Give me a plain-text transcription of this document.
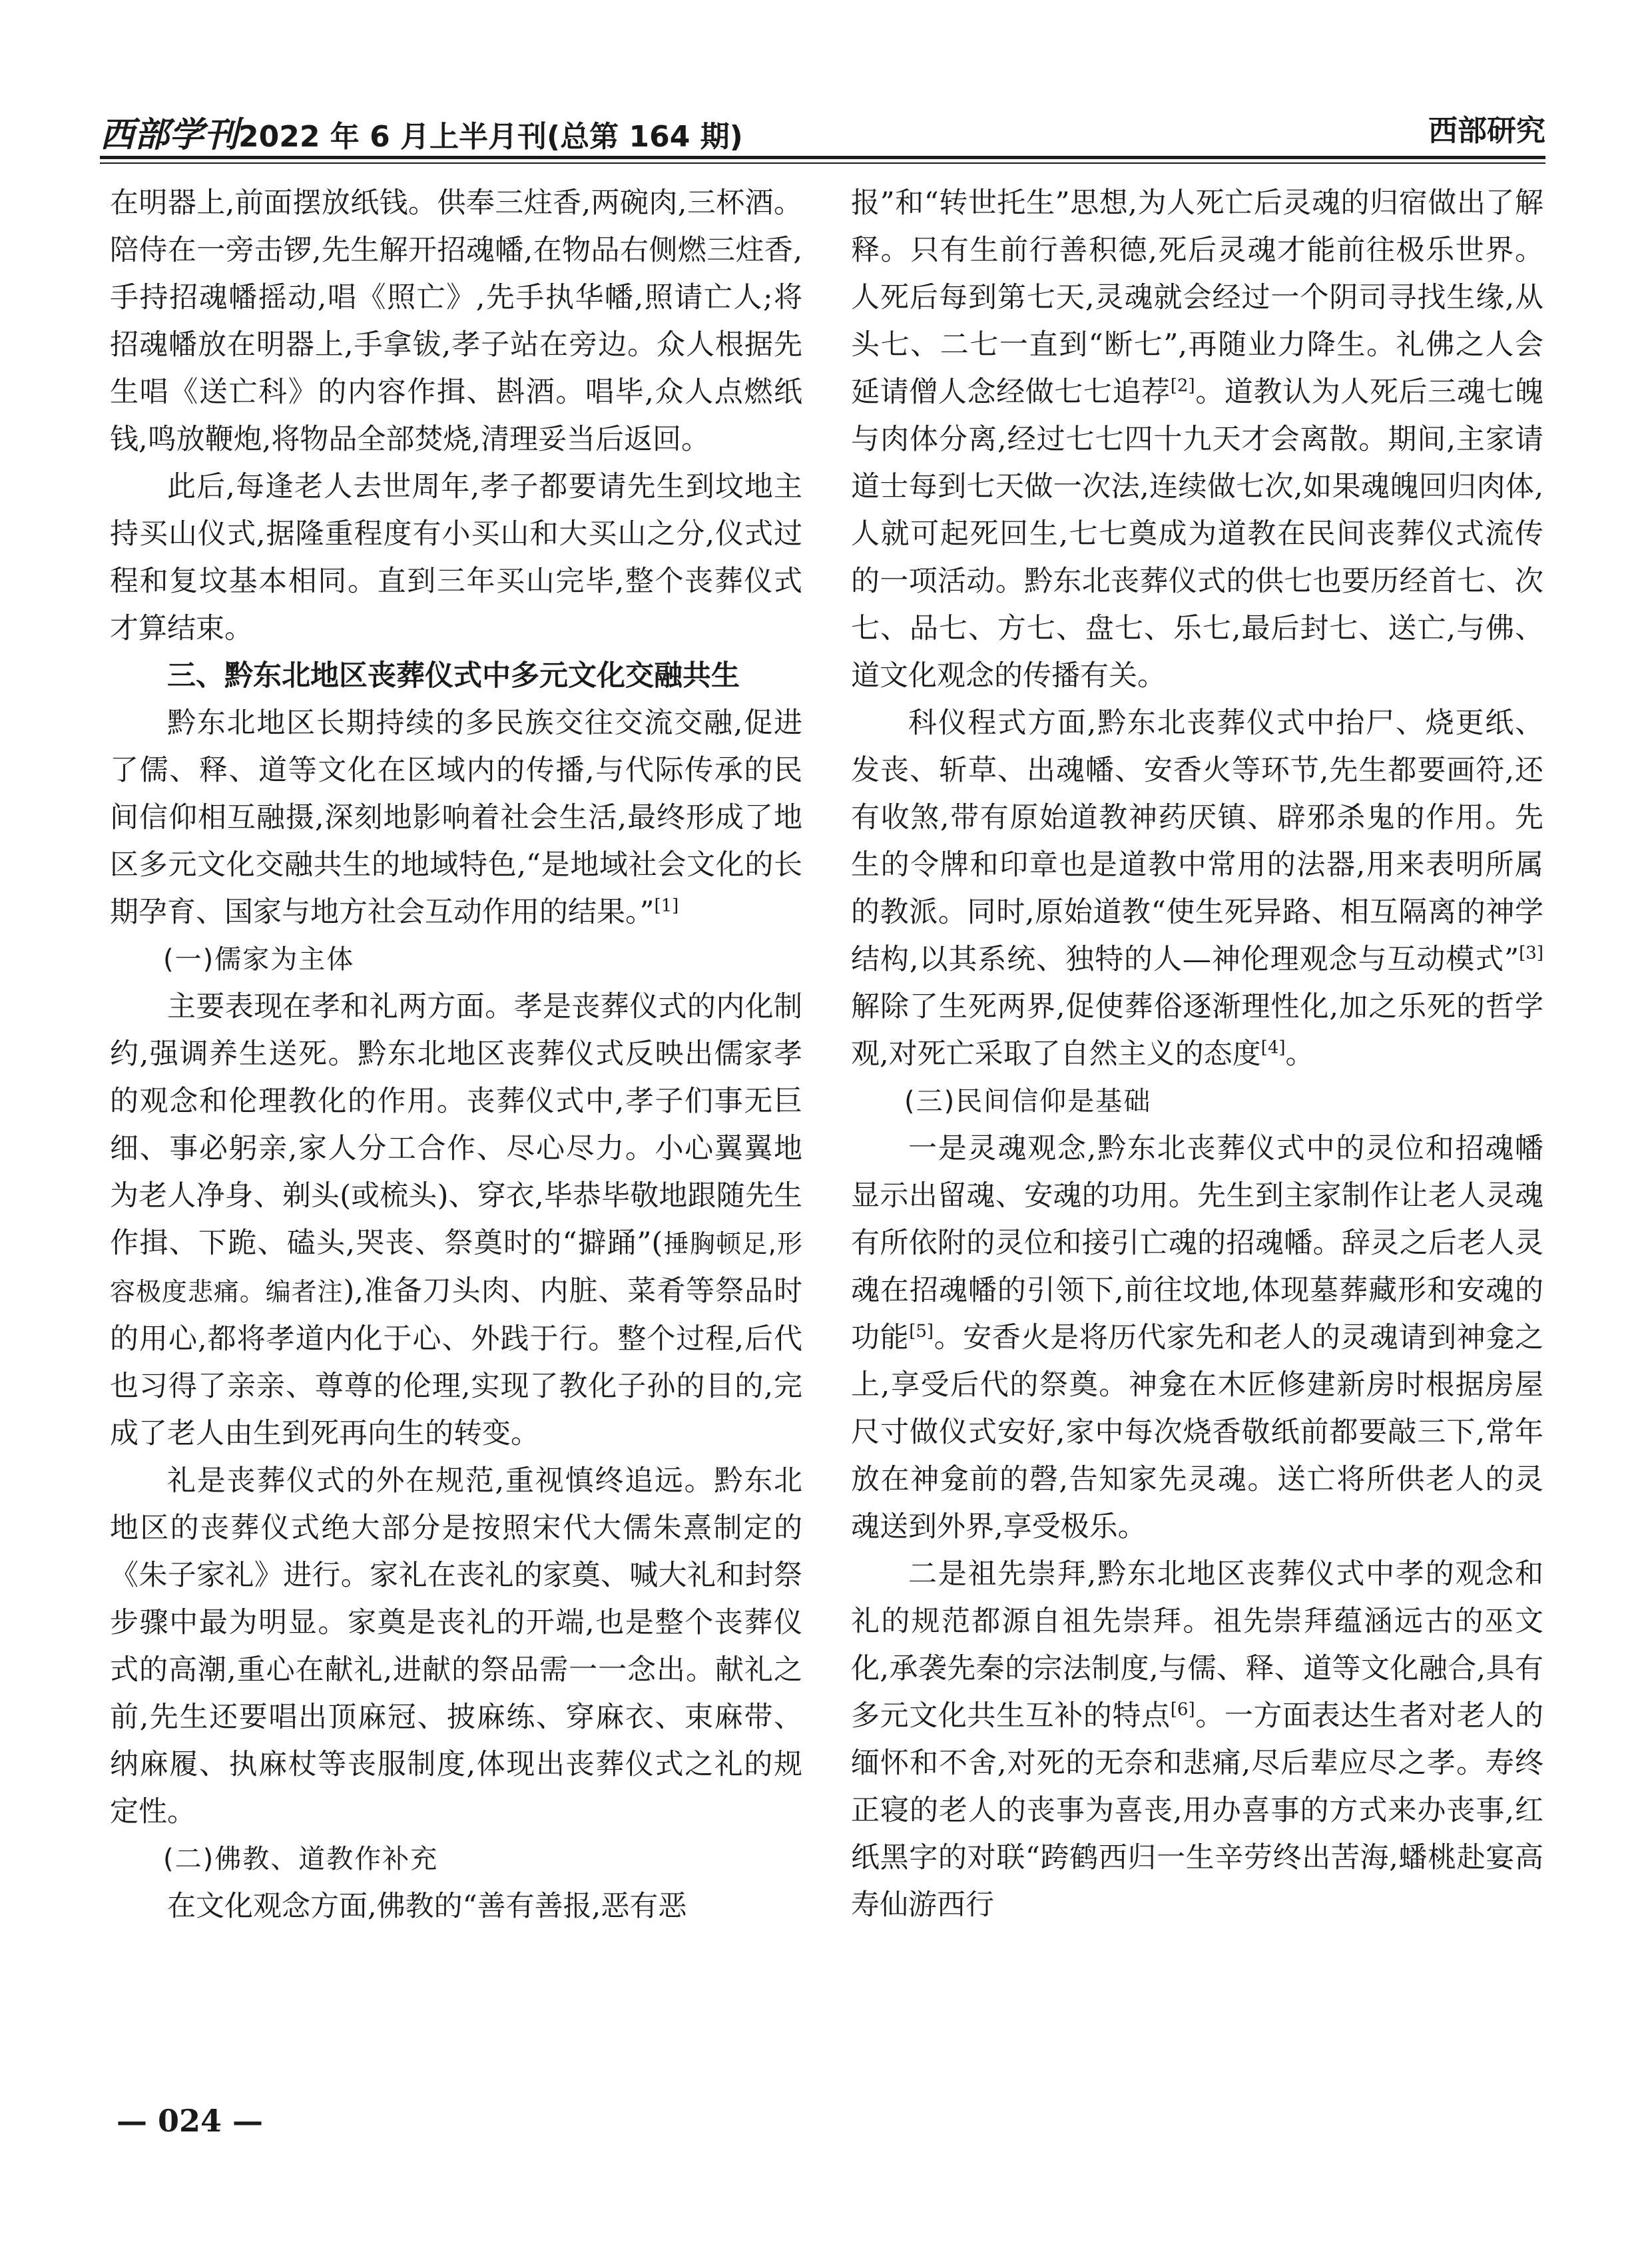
西部学刊2022 年 6 月上半月刊(总第 164 期)	西部研究

在明器上,前面摆放纸钱。供奉三炷香,两碗肉,三杯酒。陪侍在一旁击锣,先生解开招魂幡,在物品右侧燃三炷香,手持招魂幡摇动,唱《照亡》,先手执华幡,照请亡人;将招魂幡放在明器上,手拿钹,孝子站在旁边。众人根据先生唱《送亡科》的内容作揖、斟酒。唱毕,众人点燃纸钱,鸣放鞭炮,将物品全部焚烧,清理妥当后返回。

此后,每逢老人去世周年,孝子都要请先生到坟地主持买山仪式,据隆重程度有小买山和大买山之分,仪式过程和复坟基本相同。直到三年买山完毕,整个丧葬仪式才算结束。

三、黔东北地区丧葬仪式中多元文化交融共生

黔东北地区长期持续的多民族交往交流交融,促进了儒、释、道等文化在区域内的传播,与代际传承的民间信仰相互融摄,深刻地影响着社会生活,最终形成了地区多元文化交融共生的地域特色,“是地域社会文化的长期孕育、国家与地方社会互动作用的结果。”[1]

(一)儒家为主体

主要表现在孝和礼两方面。孝是丧葬仪式的内化制约,强调养生送死。黔东北地区丧葬仪式反映出儒家孝的观念和伦理教化的作用。丧葬仪式中,孝子们事无巨细、事必躬亲,家人分工合作、尽心尽力。小心翼翼地为老人净身、剃头(或梳头)、穿衣,毕恭毕敬地跟随先生作揖、下跪、磕头,哭丧、祭奠时的“擗踊”(捶胸顿足,形容极度悲痛。编者注),准备刀头肉、内脏、菜肴等祭品时的用心,都将孝道内化于心、外践于行。整个过程,后代也习得了亲亲、尊尊的伦理,实现了教化子孙的目的,完成了老人由生到死再向生的转变。

礼是丧葬仪式的外在规范,重视慎终追远。黔东北地区的丧葬仪式绝大部分是按照宋代大儒朱熹制定的《朱子家礼》进行。家礼在丧礼的家奠、喊大礼和封祭步骤中最为明显。家奠是丧礼的开端,也是整个丧葬仪式的高潮,重心在献礼,进献的祭品需一一念出。献礼之前,先生还要唱出顶麻冠、披麻练、穿麻衣、束麻带、纳麻履、执麻杖等丧服制度,体现出丧葬仪式之礼的规定性。

(二)佛教、道教作补充

在文化观念方面,佛教的“善有善报,恶有恶

报”和“转世托生”思想,为人死亡后灵魂的归宿做出了解释。只有生前行善积德,死后灵魂才能前往极乐世界。人死后每到第七天,灵魂就会经过一个阴司寻找生缘,从头七、二七一直到“断七”,再随业力降生。礼佛之人会延请僧人念经做七七追荐[2]。道教认为人死后三魂七魄与肉体分离,经过七七四十九天才会离散。期间,主家请道士每到七天做一次法,连续做七次,如果魂魄回归肉体,人就可起死回生,七七奠成为道教在民间丧葬仪式流传的一项活动。黔东北丧葬仪式的供七也要历经首七、次七、品七、方七、盘七、乐七,最后封七、送亡,与佛、道文化观念的传播有关。

科仪程式方面,黔东北丧葬仪式中抬尸、烧更纸、发丧、斩草、出魂幡、安香火等环节,先生都要画符,还有收煞,带有原始道教神药厌镇、辟邪杀鬼的作用。先生的令牌和印章也是道教中常用的法器,用来表明所属的教派。同时,原始道教“使生死异路、相互隔离的神学结构,以其系统、独特的人—神伦理观念与互动模式”[3]解除了生死两界,促使葬俗逐渐理性化,加之乐死的哲学观,对死亡采取了自然主义的态度[4]。

(三)民间信仰是基础

一是灵魂观念,黔东北丧葬仪式中的灵位和招魂幡显示出留魂、安魂的功用。先生到主家制作让老人灵魂有所依附的灵位和接引亡魂的招魂幡。辞灵之后老人灵魂在招魂幡的引领下,前往坟地,体现墓葬藏形和安魂的功能[5]。安香火是将历代家先和老人的灵魂请到神龛之上,享受后代的祭奠。神龛在木匠修建新房时根据房屋尺寸做仪式安好,家中每次烧香敬纸前都要敲三下,常年放在神龛前的磬,告知家先灵魂。送亡将所供老人的灵魂送到外界,享受极乐。

二是祖先崇拜,黔东北地区丧葬仪式中孝的观念和礼的规范都源自祖先崇拜。祖先崇拜蕴涵远古的巫文化,承袭先秦的宗法制度,与儒、释、道等文化融合,具有多元文化共生互补的特点[6]。一方面表达生者对老人的缅怀和不舍,对死的无奈和悲痛,尽后辈应尽之孝。寿终正寝的老人的丧事为喜丧,用办喜事的方式来办丧事,红纸黑字的对联“跨鹤西归一生辛劳终出苦海,蟠桃赴宴高寿仙游西行

— 024 —
